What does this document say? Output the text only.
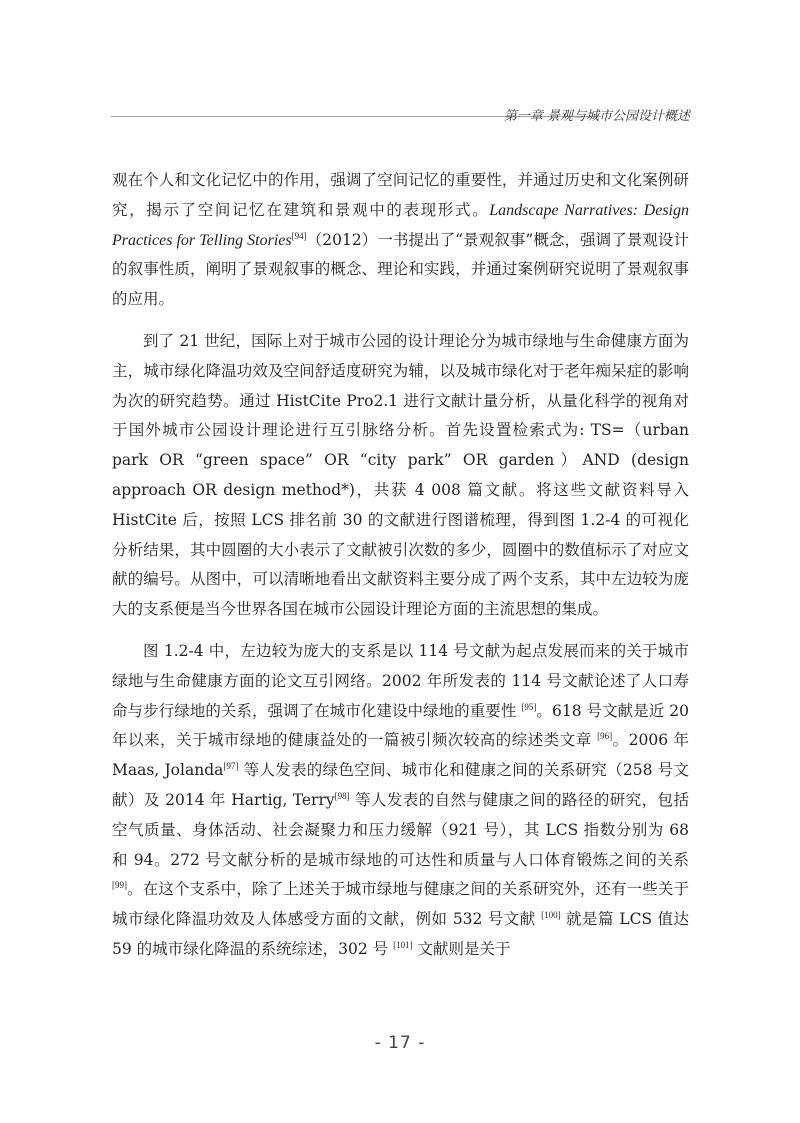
第一章 景观与城市公园设计概述

观在个人和文化记忆中的作用，强调了空间记忆的重要性，并通过历史和文化案例研究，揭示了空间记忆在建筑和景观中的表现形式。Landscape Narratives: Design Practices for Telling Stories[94]（2012）一书提出了“景观叙事”概念，强调了景观设计的叙事性质，阐明了景观叙事的概念、理论和实践，并通过案例研究说明了景观叙事的应用。

到了 21 世纪，国际上对于城市公园的设计理论分为城市绿地与生命健康方面为主，城市绿化降温功效及空间舒适度研究为辅，以及城市绿化对于老年痴呆症的影响为次的研究趋势。通过 HistCite Pro2.1 进行文献计量分析，从量化科学的视角对于国外城市公园设计理论进行互引脉络分析。首先设置检索式为: TS=（urban park OR “green space” OR “city park” OR garden）AND (design approach OR design method*)，共获 4 008 篇文献。将这些文献资料导入 HistCite 后，按照 LCS 排名前 30 的文献进行图谱梳理，得到图 1.2-4 的可视化分析结果，其中圆圈的大小表示了文献被引次数的多少，圆圈中的数值标示了对应文献的编号。从图中，可以清晰地看出文献资料主要分成了两个支系，其中左边较为庞大的支系便是当今世界各国在城市公园设计理论方面的主流思想的集成。

图 1.2-4 中，左边较为庞大的支系是以 114 号文献为起点发展而来的关于城市绿地与生命健康方面的论文互引网络。2002 年所发表的 114 号文献论述了人口寿命与步行绿地的关系，强调了在城市化建设中绿地的重要性 [95]。618 号文献是近 20 年以来，关于城市绿地的健康益处的一篇被引频次较高的综述类文章 [96]。2006 年 Maas, Jolanda[97] 等人发表的绿色空间、城市化和健康之间的关系研究（258 号文献）及 2014 年 Hartig, Terry[98] 等人发表的自然与健康之间的路径的研究，包括空气质量、身体活动、社会凝聚力和压力缓解（921 号），其 LCS 指数分别为 68 和 94。272 号文献分析的是城市绿地的可达性和质量与人口体育锻炼之间的关系 [99]。在这个支系中，除了上述关于城市绿地与健康之间的关系研究外，还有一些关于城市绿化降温功效及人体感受方面的文献，例如 532 号文献 [100] 就是篇 LCS 值达 59 的城市绿化降温的系统综述，302 号 [101] 文献则是关于

- 17 -
